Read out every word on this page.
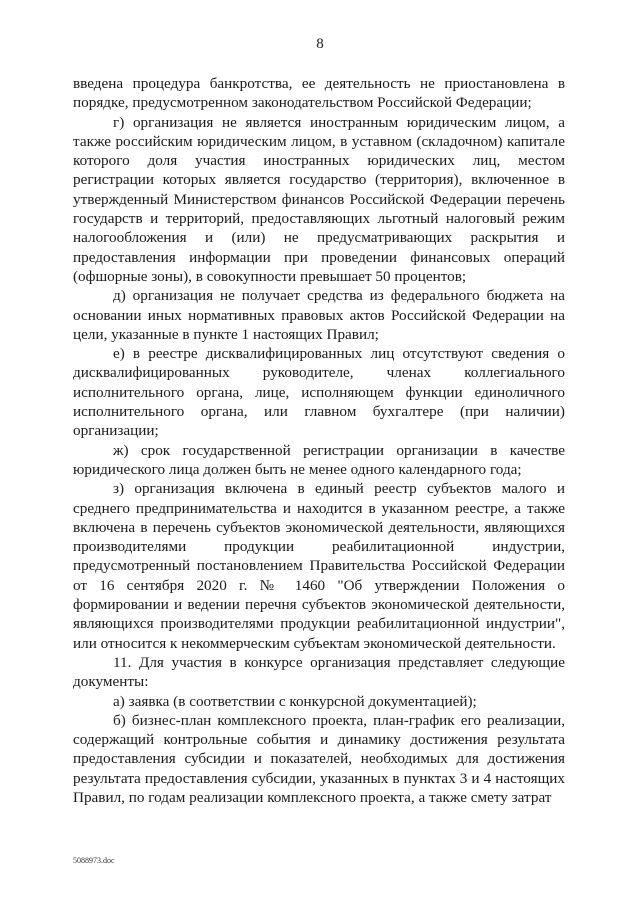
8

введена процедура банкротства, ее деятельность не приостановлена в порядке, предусмотренном законодательством Российской Федерации;

г) организация не является иностранным юридическим лицом, а также российским юридическим лицом, в уставном (складочном) капитале которого доля участия иностранных юридических лиц, местом регистрации которых является государство (территория), включенное в утвержденный Министерством финансов Российской Федерации перечень государств и территорий, предоставляющих льготный налоговый режим налогообложения и (или) не предусматривающих раскрытия и предоставления информации при проведении финансовых операций (офшорные зоны), в совокупности превышает 50 процентов;

д) организация не получает средства из федерального бюджета на основании иных нормативных правовых актов Российской Федерации на цели, указанные в пункте 1 настоящих Правил;

е) в реестре дисквалифицированных лиц отсутствуют сведения о дисквалифицированных руководителе, членах коллегиального исполнительного органа, лице, исполняющем функции единоличного исполнительного органа, или главном бухгалтере (при наличии) организации;

ж) срок государственной регистрации организации в качестве юридического лица должен быть не менее одного календарного года;

з) организация включена в единый реестр субъектов малого и среднего предпринимательства и находится в указанном реестре, а также включена в перечень субъектов экономической деятельности, являющихся производителями продукции реабилитационной индустрии, предусмотренный постановлением Правительства Российской Федерации от 16 сентября 2020 г. № 1460 "Об утверждении Положения о формировании и ведении перечня субъектов экономической деятельности, являющихся производителями продукции реабилитационной индустрии", или относится к некоммерческим субъектам экономической деятельности.

11. Для участия в конкурсе организация представляет следующие документы:

а) заявка (в соответствии с конкурсной документацией);

б) бизнес-план комплексного проекта, план-график его реализации, содержащий контрольные события и динамику достижения результата предоставления субсидии и показателей, необходимых для достижения результата предоставления субсидии, указанных в пунктах 3 и 4 настоящих Правил, по годам реализации комплексного проекта, а также смету затрат

5088973.doc
